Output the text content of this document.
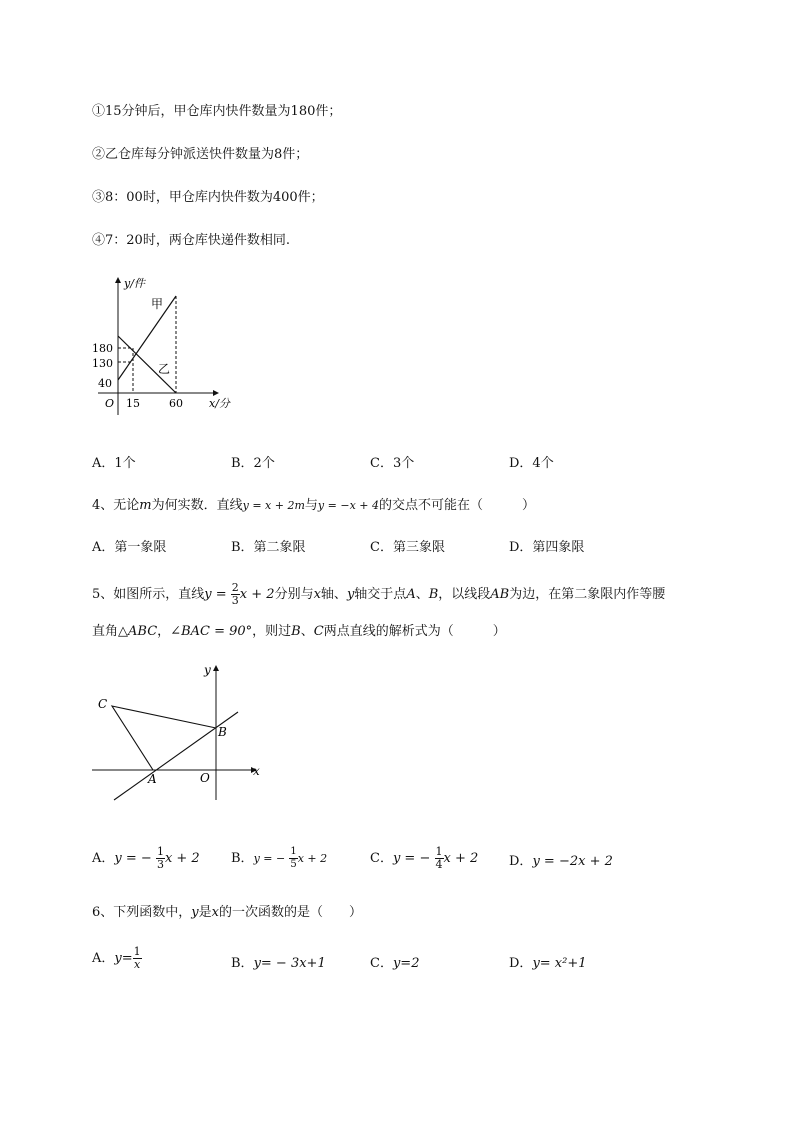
①15分钟后，甲仓库内快件数量为180件；
②乙仓库每分钟派送快件数量为8件；
③8：00时，甲仓库内快件数为400件；
④7：20时，两仓库快递件数相同.
y/件
甲
乙
180
130
40
O 15	60 x/分
A．1个	B．2个	C．3个	D．4个
4、无论m为何实数．直线y = x + 2m与y = −x + 4的交点不可能在（　　　）
A．第一象限	B．第二象限	C．第三象限	D．第四象限
5、如图所示，直线$y = \frac{2}{3}$ x + 2分别与x轴、y轴交于点A、B，以线段AB为边，在第二象限内作等腰
直角△ABC，∠BAC = 90°，则过B、C两点直线的解析式为（　　　）
y
x
O
A
B
C
A．y = − $\frac{1}{3}$ x + 2 B．y = − $\frac{1}{5}$ x + 2	C．y = − $\frac{1}{4}$ x + 2 D．y = −2x + 2
6、下列函数中，y是x的一次函数的是（　　）
A．$y= \frac{1}{x}$	B．y= − 3x+1	C．y=2	D．y= x²+1
